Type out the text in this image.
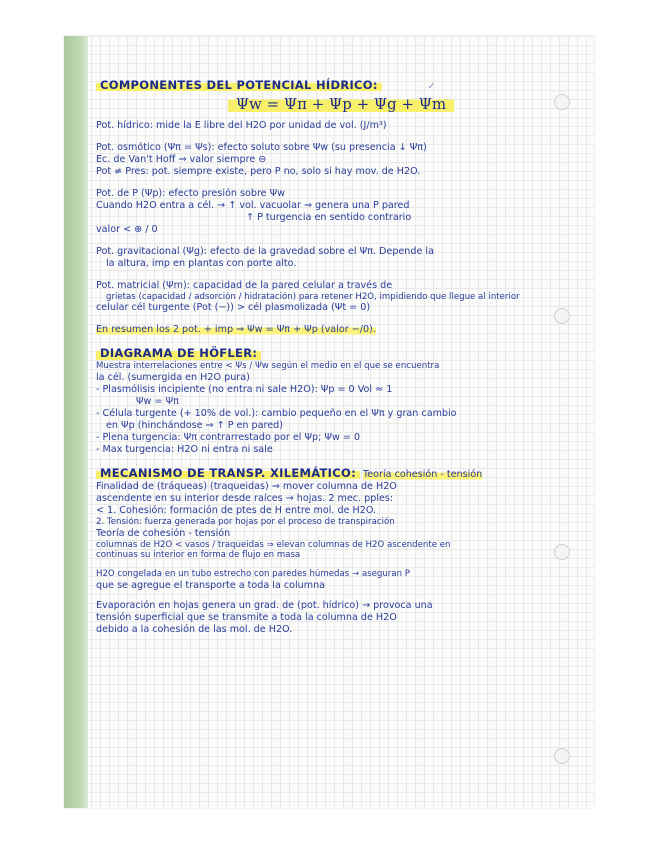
COMPONENTES DEL POTENCIAL HÍDRICO:               ✓
Ψw = Ψπ + Ψp + Ψg + Ψm
Pot. hídrico: mide la E libre del H2O por unidad de vol. (J/m³)
Pot. osmótico (Ψπ = Ψs): efecto soluto sobre Ψw (su presencia ↓ Ψπ)
Ec. de Van't Hoff ⇒ valor siempre ⊖
Pot ≠ Pres: pot. siempre existe, pero P no, solo si hay mov. de H2O.
Pot. de P (Ψp): efecto presión sobre Ψw
Cuando H2O entra a cél. → ↑ vol. vacuolar ⇒ genera una P pared
↑ P turgencia en sentido contrario
valor < ⊕ / 0
Pot. gravitacional (Ψg): efecto de la gravedad sobre el Ψπ. Depende la
la altura, imp en plantas con porte alto.
Pot. matricial (Ψm): capacidad de la pared celular a través de
grietas (capacidad / adsorción / hidratación) para retener H2O, impidiendo que llegue al interior
celular cél turgente (Pot (−)) > cél plasmolizada (Ψt = 0)
En resumen los 2 pot. + imp ⇒ Ψw = Ψπ + Ψp (valor −/0).
DIAGRAMA DE HÖFLER:
Muestra interrelaciones entre < Ψs / Ψw según el medio en el que se encuentra
la cél. (sumergida en H2O pura)
- Plasmólisis incipiente (no entra ni sale H2O): Ψp = 0 Vol ≈ 1
Ψw = Ψπ
- Célula turgente (+ 10% de vol.): cambio pequeño en el Ψπ y gran cambio
en Ψp (hinchándose ⇒ ↑ P en pared)
- Plena turgencia: Ψπ contrarrestado por el Ψp; Ψw = 0
- Max turgencia: H2O ni entra ni sale
MECANISMO DE TRANSP. XILEMÁTICO: Teoría cohesión - tensión
Finalidad de (tráqueas) (traqueidas) ⇒ mover columna de H2O
ascendente en su interior desde raíces → hojas. 2 mec. pples:
< 1. Cohesión: formación de ptes de H entre mol. de H2O.
2. Tensión: fuerza generada por hojas por el proceso de transpiración
Teoría de cohesión - tensión
columnas de H2O < vasos / traqueidas ⇒ elevan columnas de H2O ascendente en
continuas su interior en forma de flujo en masa
H2O congelada en un tubo estrecho con paredes húmedas → aseguran P
que se agregue el transporte a toda la columna
Evaporación en hojas genera un grad. de (pot. hídrico) → provoca una
tensión superficial que se transmite a toda la columna de H2O
debido a la cohesión de las mol. de H2O.
